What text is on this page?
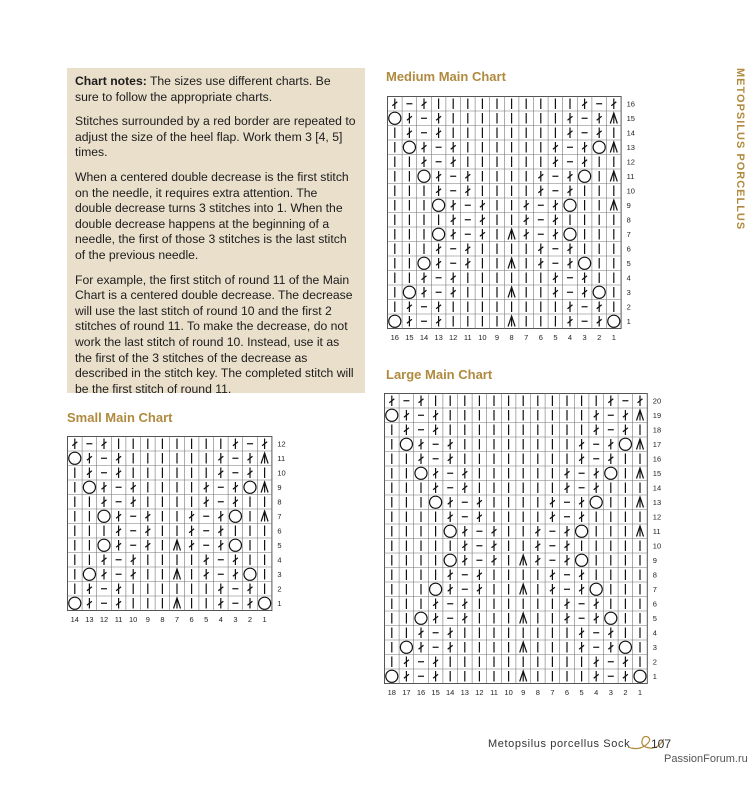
Chart notes: The sizes use different charts. Be sure to follow the appropriate charts.

Stitches surrounded by a red border are repeated to adjust the size of the heel flap. Work them 3 [4, 5] times.

When a centered double decrease is the first stitch on the needle, it requires extra attention. The double decrease turns 3 stitches into 1. When the double decrease happens at the beginning of a needle, the first of those 3 stitches is the last stitch of the previous needle.

For example, the first stitch of round 11 of the Main Chart is a centered double decrease. The decrease will use the last stitch of round 10 and the first 2 stitches of round 11. To make the decrease, do not work the last stitch of round 10. Instead, use it as the first of the 3 stitches of the decrease as described in the stitch key. The completed stitch will be the first stitch of round 11.

METOPSILUS PORCELLUS
Small Main Chart
12
11
10
9
8
7
6
5
4
3
2
1
14 13 12 11 10 9 8 7 6 5 4 3 2 1
Medium Main Chart
16
15
14
13
12
11
10
9
8
7
6
5
4
3
2
1
16 15 14 13 12 11 10 9 8 7 6 5 4 3 2 1
Large Main Chart
20
19
18
17
16
15
14
13
12
11
10
9
8
7
6
5
4
3
2
1
18 17 16 15 14 13 12 11 10 9 8 7 6 5 4 3 2 1
Metopsilus porcellus Sock 107
PassionForum.ru
